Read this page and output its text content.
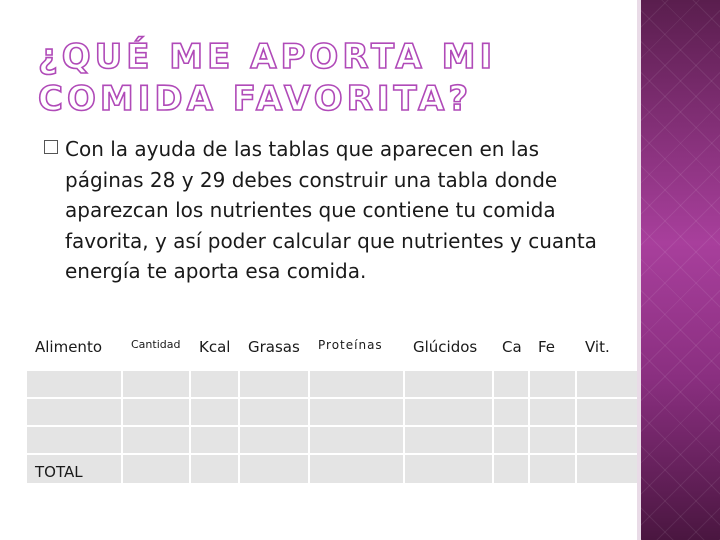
¿QUÉ ME APORTA MI COMIDA FAVORITA?
Con la ayuda de las tablas que aparecen en las páginas 28 y 29 debes construir una tabla donde aparezcan los nutrientes que contiene tu comida favorita, y así poder calcular que nutrientes y cuanta energía te aporta esa comida.
Alimento	Cantidad	Kcal	Grasas	Proteínas	Glúcidos	Ca	Fe	Vit.

TOTAL								
